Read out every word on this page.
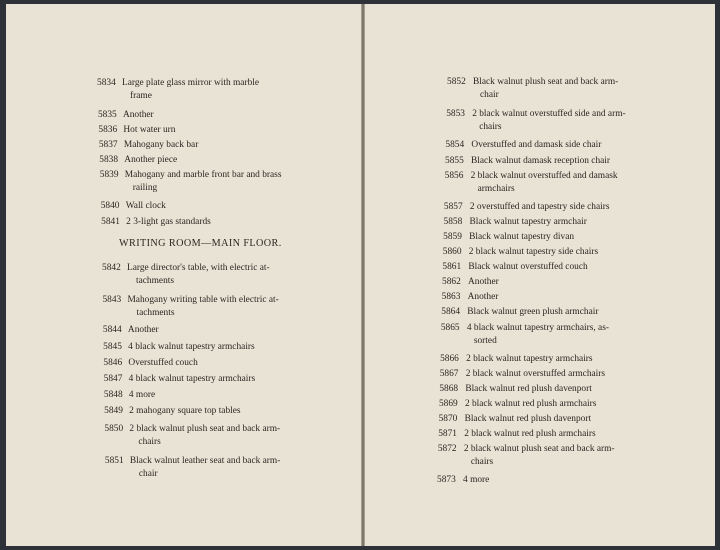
5834 Large plate glass mirror with marble
frame
5835 Another
5836 Hot water urn
5837 Mahogany back bar
5838 Another piece
5839 Mahogany and marble front bar and brass
railing
5840 Wall clock
5841 2 3-light gas standards
WRITING ROOM—MAIN FLOOR.
5842 Large director's table, with electric at-
tachments
5843 Mahogany writing table with electric at-
tachments
5844 Another
5845 4 black walnut tapestry armchairs
5846 Overstuffed couch
5847 4 black walnut tapestry armchairs
5848 4 more
5849 2 mahogany square top tables
5850 2 black walnut plush seat and back arm-
chairs
5851 Black walnut leather seat and back arm-
chair
5852 Black walnut plush seat and back arm-
chair
5853 2 black walnut overstuffed side and arm-
chairs
5854 Overstuffed and damask side chair
5855 Black walnut damask reception chair
5856 2 black walnut overstuffed and damask
armchairs
5857 2 overstuffed and tapestry side chairs
5858 Black walnut tapestry armchair
5859 Black walnut tapestry divan
5860 2 black walnut tapestry side chairs
5861 Black walnut overstuffed couch
5862 Another
5863 Another
5864 Black walnut green plush armchair
5865 4 black walnut tapestry armchairs, as-
sorted
5866 2 black walnut tapestry armchairs
5867 2 black walnut overstuffed armchairs
5868 Black walnut red plush davenport
5869 2 black walnut red plush armchairs
5870 Black walnut red plush davenport
5871 2 black walnut red plush armchairs
5872 2 black walnut plush seat and back arm-
chairs
5873 4 more
